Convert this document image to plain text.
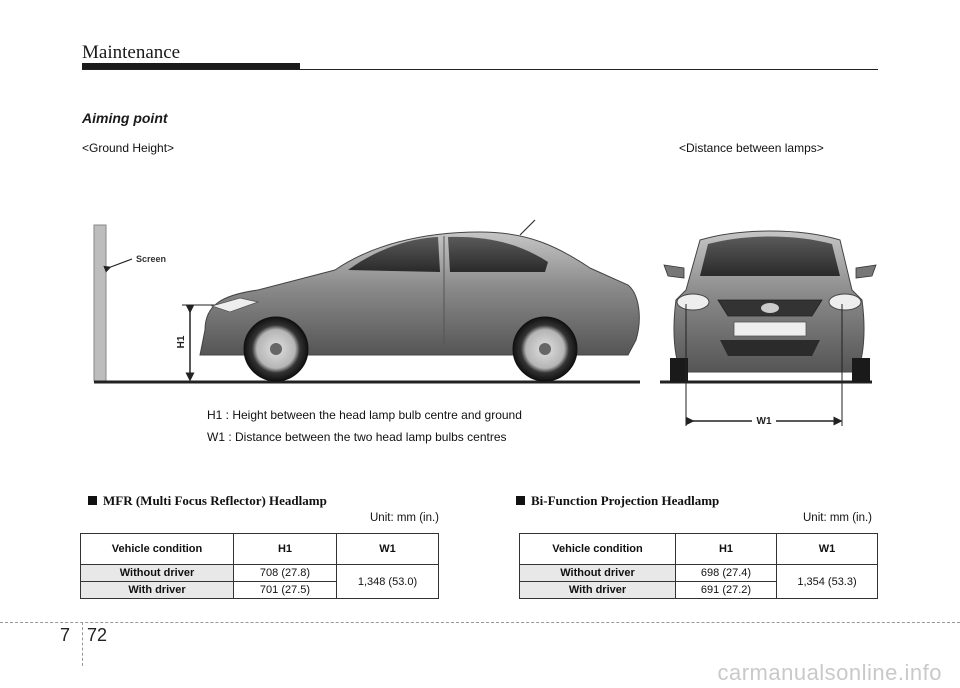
Maintenance
Aiming point
<Ground Height>	<Distance between lamps>
Screen
H1
W1
H1 : Height between the head lamp bulb centre and ground
W1 : Distance between the two head lamp bulbs centres
MFR (Multi Focus Reflector) Headlamp
Unit: mm (in.)
Vehicle condition	H1	W1
Without driver	708 (27.8)	1,348 (53.0)
With driver	701 (27.5)	
Bi-Function Projection Headlamp
Unit: mm (in.)
Vehicle condition	H1	W1
Without driver	698 (27.4)	1,354 (53.3)
With driver	691 (27.2)	
7 72
carmanualsonline.info
